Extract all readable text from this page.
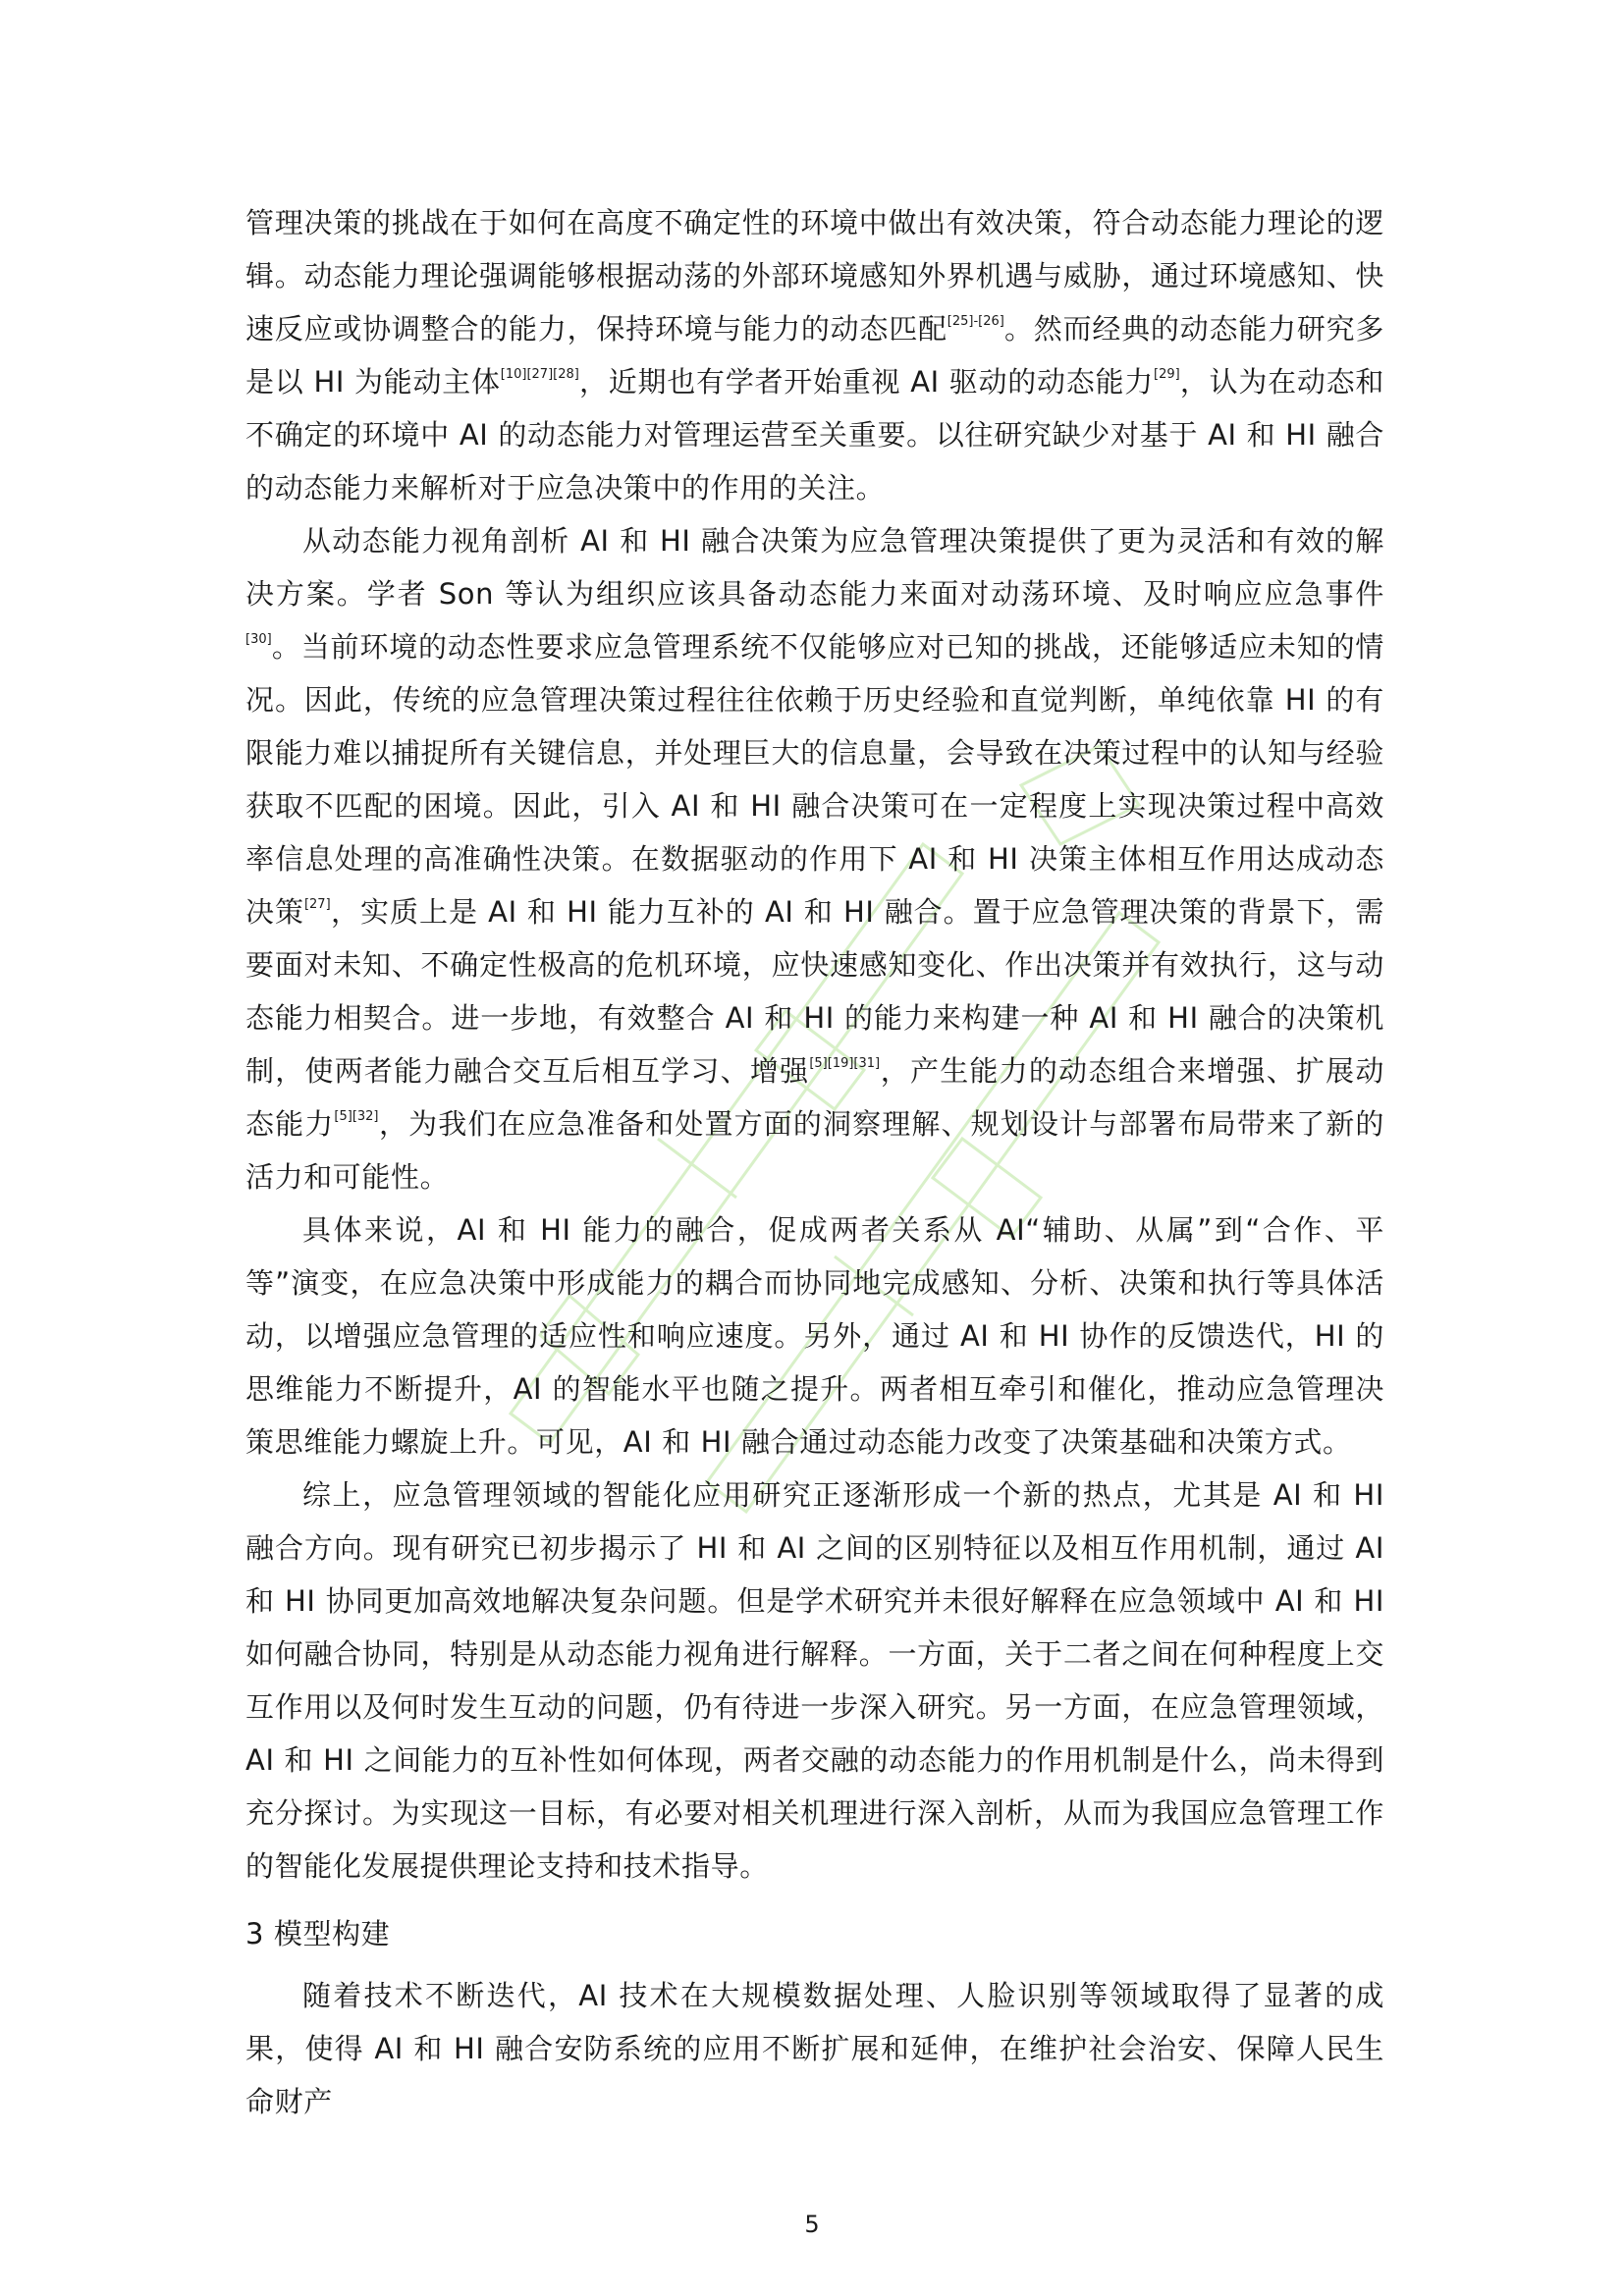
管理决策的挑战在于如何在高度不确定性的环境中做出有效决策，符合动态能力理论的逻辑。动态能力理论强调能够根据动荡的外部环境感知外界机遇与威胁，通过环境感知、快速反应或协调整合的能力，保持环境与能力的动态匹配[25]-[26]。然而经典的动态能力研究多是以 HI 为能动主体[10][27][28]，近期也有学者开始重视 AI 驱动的动态能力[29]，认为在动态和不确定的环境中 AI 的动态能力对管理运营至关重要。以往研究缺少对基于 AI 和 HI 融合的动态能力来解析对于应急决策中的作用的关注。

从动态能力视角剖析 AI 和 HI 融合决策为应急管理决策提供了更为灵活和有效的解决方案。学者 Son 等认为组织应该具备动态能力来面对动荡环境、及时响应应急事件[30]。当前环境的动态性要求应急管理系统不仅能够应对已知的挑战，还能够适应未知的情况。因此，传统的应急管理决策过程往往依赖于历史经验和直觉判断，单纯依靠 HI 的有限能力难以捕捉所有关键信息，并处理巨大的信息量，会导致在决策过程中的认知与经验获取不匹配的困境。因此，引入 AI 和 HI 融合决策可在一定程度上实现决策过程中高效率信息处理的高准确性决策。在数据驱动的作用下 AI 和 HI 决策主体相互作用达成动态决策[27]，实质上是 AI 和 HI 能力互补的 AI 和 HI 融合。置于应急管理决策的背景下，需要面对未知、不确定性极高的危机环境，应快速感知变化、作出决策并有效执行，这与动态能力相契合。进一步地，有效整合 AI 和 HI 的能力来构建一种 AI 和 HI 融合的决策机制，使两者能力融合交互后相互学习、增强[5][19][31]，产生能力的动态组合来增强、扩展动态能力[5][32]，为我们在应急准备和处置方面的洞察理解、规划设计与部署布局带来了新的活力和可能性。

具体来说，AI 和 HI 能力的融合，促成两者关系从 AI“辅助、从属”到“合作、平等”演变，在应急决策中形成能力的耦合而协同地完成感知、分析、决策和执行等具体活动，以增强应急管理的适应性和响应速度。另外，通过 AI 和 HI 协作的反馈迭代，HI 的思维能力不断提升，AI 的智能水平也随之提升。两者相互牵引和催化，推动应急管理决策思维能力螺旋上升。可见，AI 和 HI 融合通过动态能力改变了决策基础和决策方式。

综上，应急管理领域的智能化应用研究正逐渐形成一个新的热点，尤其是 AI 和 HI 融合方向。现有研究已初步揭示了 HI 和 AI 之间的区别特征以及相互作用机制，通过 AI 和 HI 协同更加高效地解决复杂问题。但是学术研究并未很好解释在应急领域中 AI 和 HI 如何融合协同，特别是从动态能力视角进行解释。一方面，关于二者之间在何种程度上交互作用以及何时发生互动的问题，仍有待进一步深入研究。另一方面，在应急管理领域，AI 和 HI 之间能力的互补性如何体现，两者交融的动态能力的作用机制是什么，尚未得到充分探讨。为实现这一目标，有必要对相关机理进行深入剖析，从而为我国应急管理工作的智能化发展提供理论支持和技术指导。

3 模型构建

随着技术不断迭代，AI 技术在大规模数据处理、人脸识别等领域取得了显著的成果，使得 AI 和 HI 融合安防系统的应用不断扩展和延伸，在维护社会治安、保障人民生命财产

5
